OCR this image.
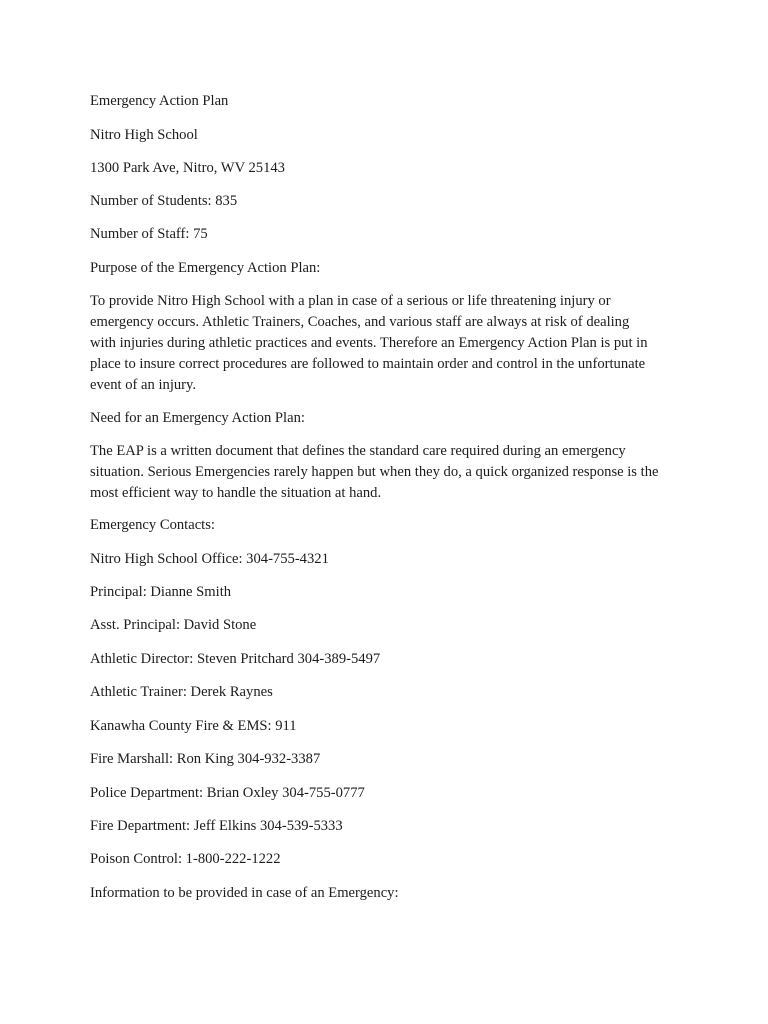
Emergency Action Plan
Nitro High School
1300 Park Ave, Nitro, WV 25143
Number of Students: 835
Number of Staff: 75
Purpose of the Emergency Action Plan:
To provide Nitro High School with a plan in case of a serious or life threatening injury or
emergency occurs. Athletic Trainers, Coaches, and various staff are always at risk of dealing
with injuries during athletic practices and events. Therefore an Emergency Action Plan is put in
place to insure correct procedures are followed to maintain order and control in the unfortunate
event of an injury.
Need for an Emergency Action Plan:
The EAP is a written document that defines the standard care required during an emergency
situation. Serious Emergencies rarely happen but when they do, a quick organized response is the
most efficient way to handle the situation at hand.
Emergency Contacts:
Nitro High School Office: 304-755-4321
Principal: Dianne Smith
Asst. Principal: David Stone
Athletic Director: Steven Pritchard 304-389-5497
Athletic Trainer: Derek Raynes
Kanawha County Fire & EMS: 911
Fire Marshall: Ron King 304-932-3387
Police Department: Brian Oxley 304-755-0777
Fire Department: Jeff Elkins 304-539-5333
Poison Control: 1-800-222-1222
Information to be provided in case of an Emergency:
